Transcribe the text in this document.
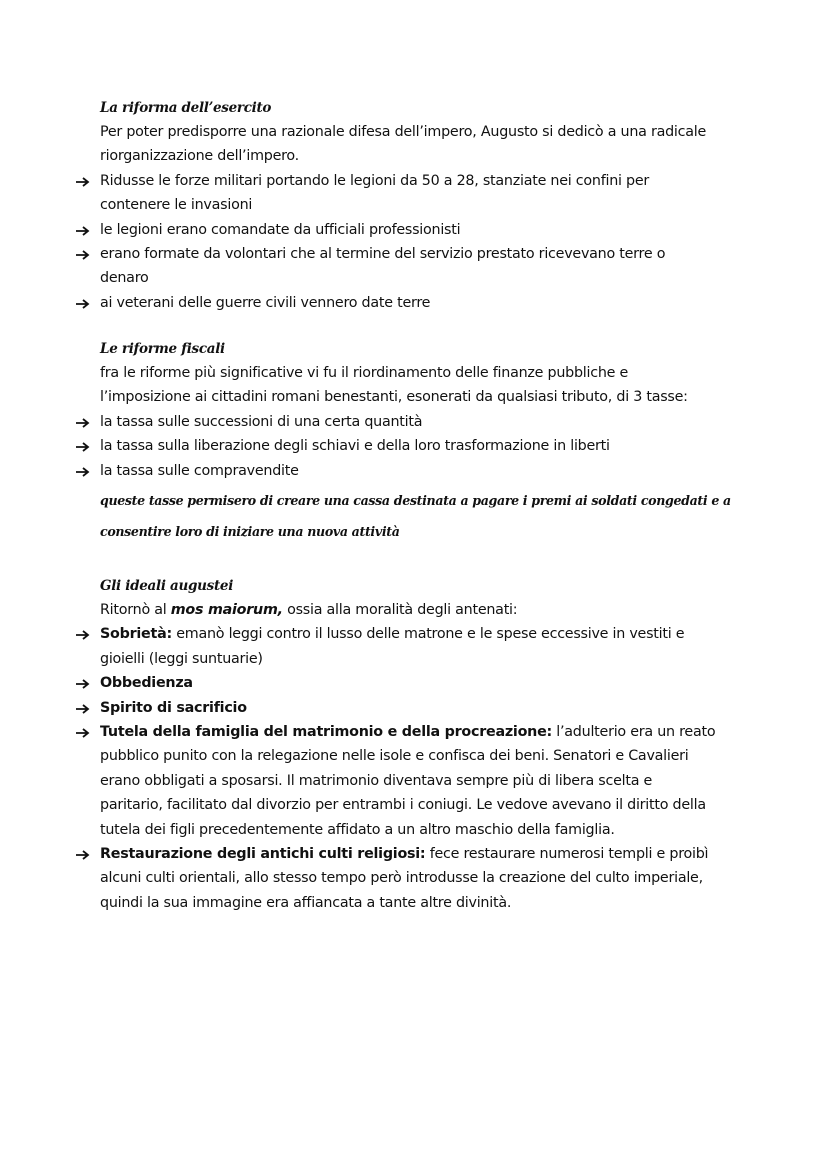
La riforma dell’esercito

Per poter predisporre una razionale difesa dell’impero, Augusto si dedicò a una radicale

riorganizzazione dell’impero.

Ridusse le forze militari portando le legioni da 50 a 28, stanziate nei confini per
contenere le invasioni
le legioni erano comandate da ufficiali professionisti
erano formate da volontari che al termine del servizio prestato ricevevano terre o
denaro
ai veterani delle guerre civili vennero date terre

Le riforme fiscali

fra le riforme più significative vi fu il riordinamento delle finanze pubbliche e

l’imposizione ai cittadini romani benestanti, esonerati da qualsiasi tributo, di 3 tasse:

la tassa sulle successioni di una certa quantità
la tassa sulla liberazione degli schiavi e della loro trasformazione in liberti
la tassa sulle compravendite

queste tasse permisero di creare una cassa destinata a pagare i premi ai soldati congedati e a

consentire loro di iniziare una nuova attività

Gli ideali augustei

Ritornò al mos maiorum, ossia alla moralità degli antenati:

Sobrietà: emanò leggi contro il lusso delle matrone e le spese eccessive in vestiti e
gioielli (leggi suntuarie)
Obbedienza
Spirito di sacrificio
Tutela della famiglia del matrimonio e della procreazione: l’adulterio era un reato
pubblico punito con la relegazione nelle isole e confisca dei beni. Senatori e Cavalieri
erano obbligati a sposarsi. Il matrimonio diventava sempre più di libera scelta e
paritario, facilitato dal divorzio per entrambi i coniugi. Le vedove avevano il diritto della
tutela dei figli precedentemente affidato a un altro maschio della famiglia.
Restaurazione degli antichi culti religiosi: fece restaurare numerosi templi e proibì
alcuni culti orientali, allo stesso tempo però introdusse la creazione del culto imperiale,
quindi la sua immagine era affiancata a tante altre divinità.
